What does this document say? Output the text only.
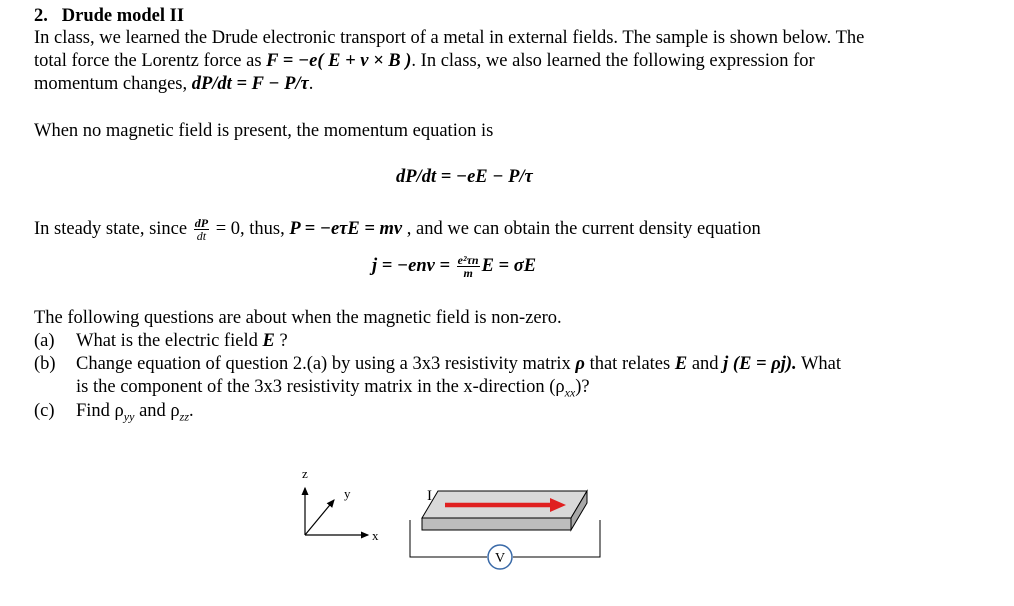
2. Drude model II
In class, we learned the Drude electronic transport of a metal in external fields. The sample is shown below. The
total force the Lorentz force as F = −e( E + v × B ). In class, we also learned the following expression for
momentum changes, dP/dt = F − P/τ.
When no magnetic field is present, the momentum equation is
dP/dt = −eE − P/τ
In steady state, since $\frac{dP}{dt} = 0$, thus, P = −eτE = mv , and we can obtain the current density equation
$j = -env = \frac{\text{e²τn}}{m}$ E = σE
The following questions are about when the magnetic field is non-zero.
(a) What is the electric field E ?
(b) Change equation of question 2.(a) by using a 3x3 resistivity matrix ρ that relates E and j (E = ρj). What
is the component of the 3x3 resistivity matrix in the x-direction $(\rho_{xx})$?
(c) Find $\rho_{yy}$ and $\rho_{zz}$.
z
y
x
I
V
